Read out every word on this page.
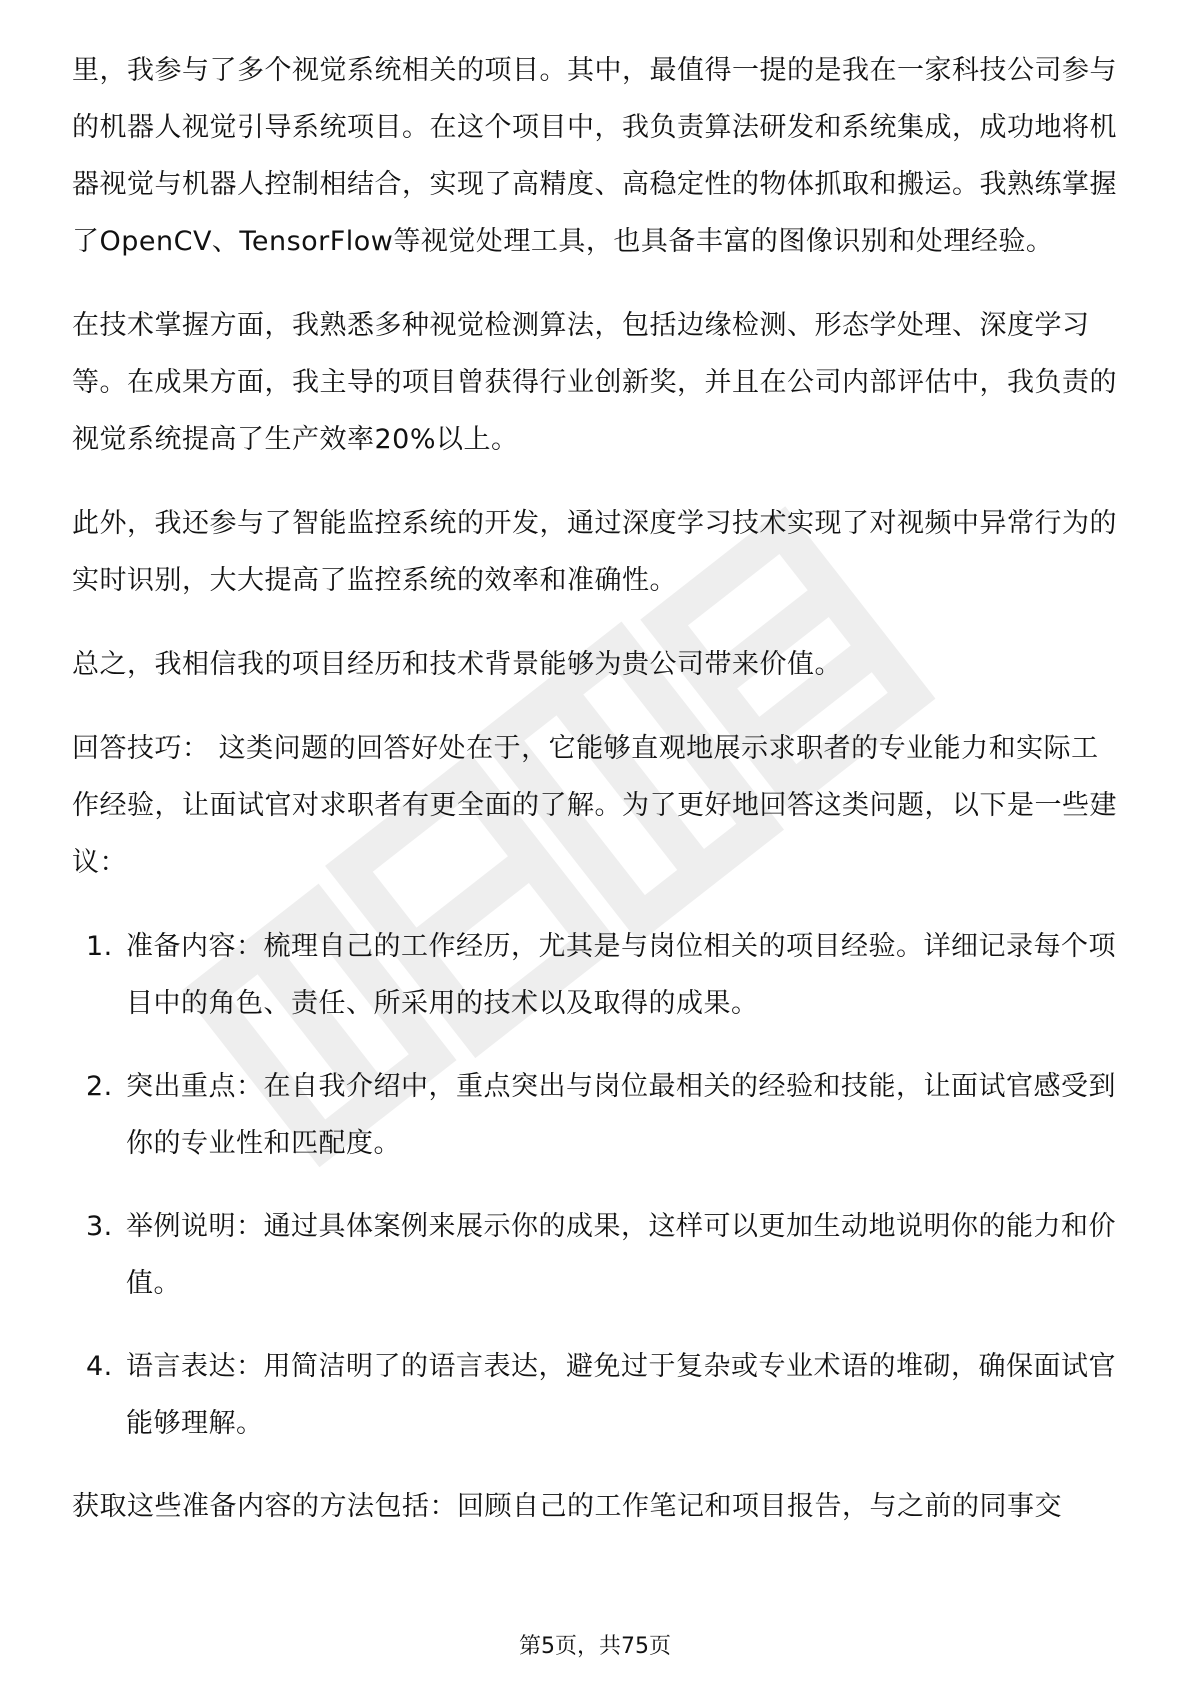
里，我参与了多个视觉系统相关的项目。其中，最值得一提的是我在一家科技公司参与的机器人视觉引导系统项目。在这个项目中，我负责算法研发和系统集成，成功地将机器视觉与机器人控制相结合，实现了高精度、高稳定性的物体抓取和搬运。我熟练掌握了OpenCV、TensorFlow等视觉处理工具，也具备丰富的图像识别和处理经验。

在技术掌握方面，我熟悉多种视觉检测算法，包括边缘检测、形态学处理、深度学习等。在成果方面，我主导的项目曾获得行业创新奖，并且在公司内部评估中，我负责的视觉系统提高了生产效率20%以上。

此外，我还参与了智能监控系统的开发，通过深度学习技术实现了对视频中异常行为的实时识别，大大提高了监控系统的效率和准确性。

总之，我相信我的项目经历和技术背景能够为贵公司带来价值。

回答技巧： 这类问题的回答好处在于，它能够直观地展示求职者的专业能力和实际工作经验，让面试官对求职者有更全面的了解。为了更好地回答这类问题，以下是一些建议：

1. 准备内容：梳理自己的工作经历，尤其是与岗位相关的项目经验。详细记录每个项目中的角色、责任、所采用的技术以及取得的成果。
2. 突出重点：在自我介绍中，重点突出与岗位最相关的经验和技能，让面试官感受到你的专业性和匹配度。
3. 举例说明：通过具体案例来展示你的成果，这样可以更加生动地说明你的能力和价值。
4. 语言表达：用简洁明了的语言表达，避免过于复杂或专业术语的堆砌，确保面试官能够理解。

获取这些准备内容的方法包括：回顾自己的工作笔记和项目报告，与之前的同事交

第5页，共75页
